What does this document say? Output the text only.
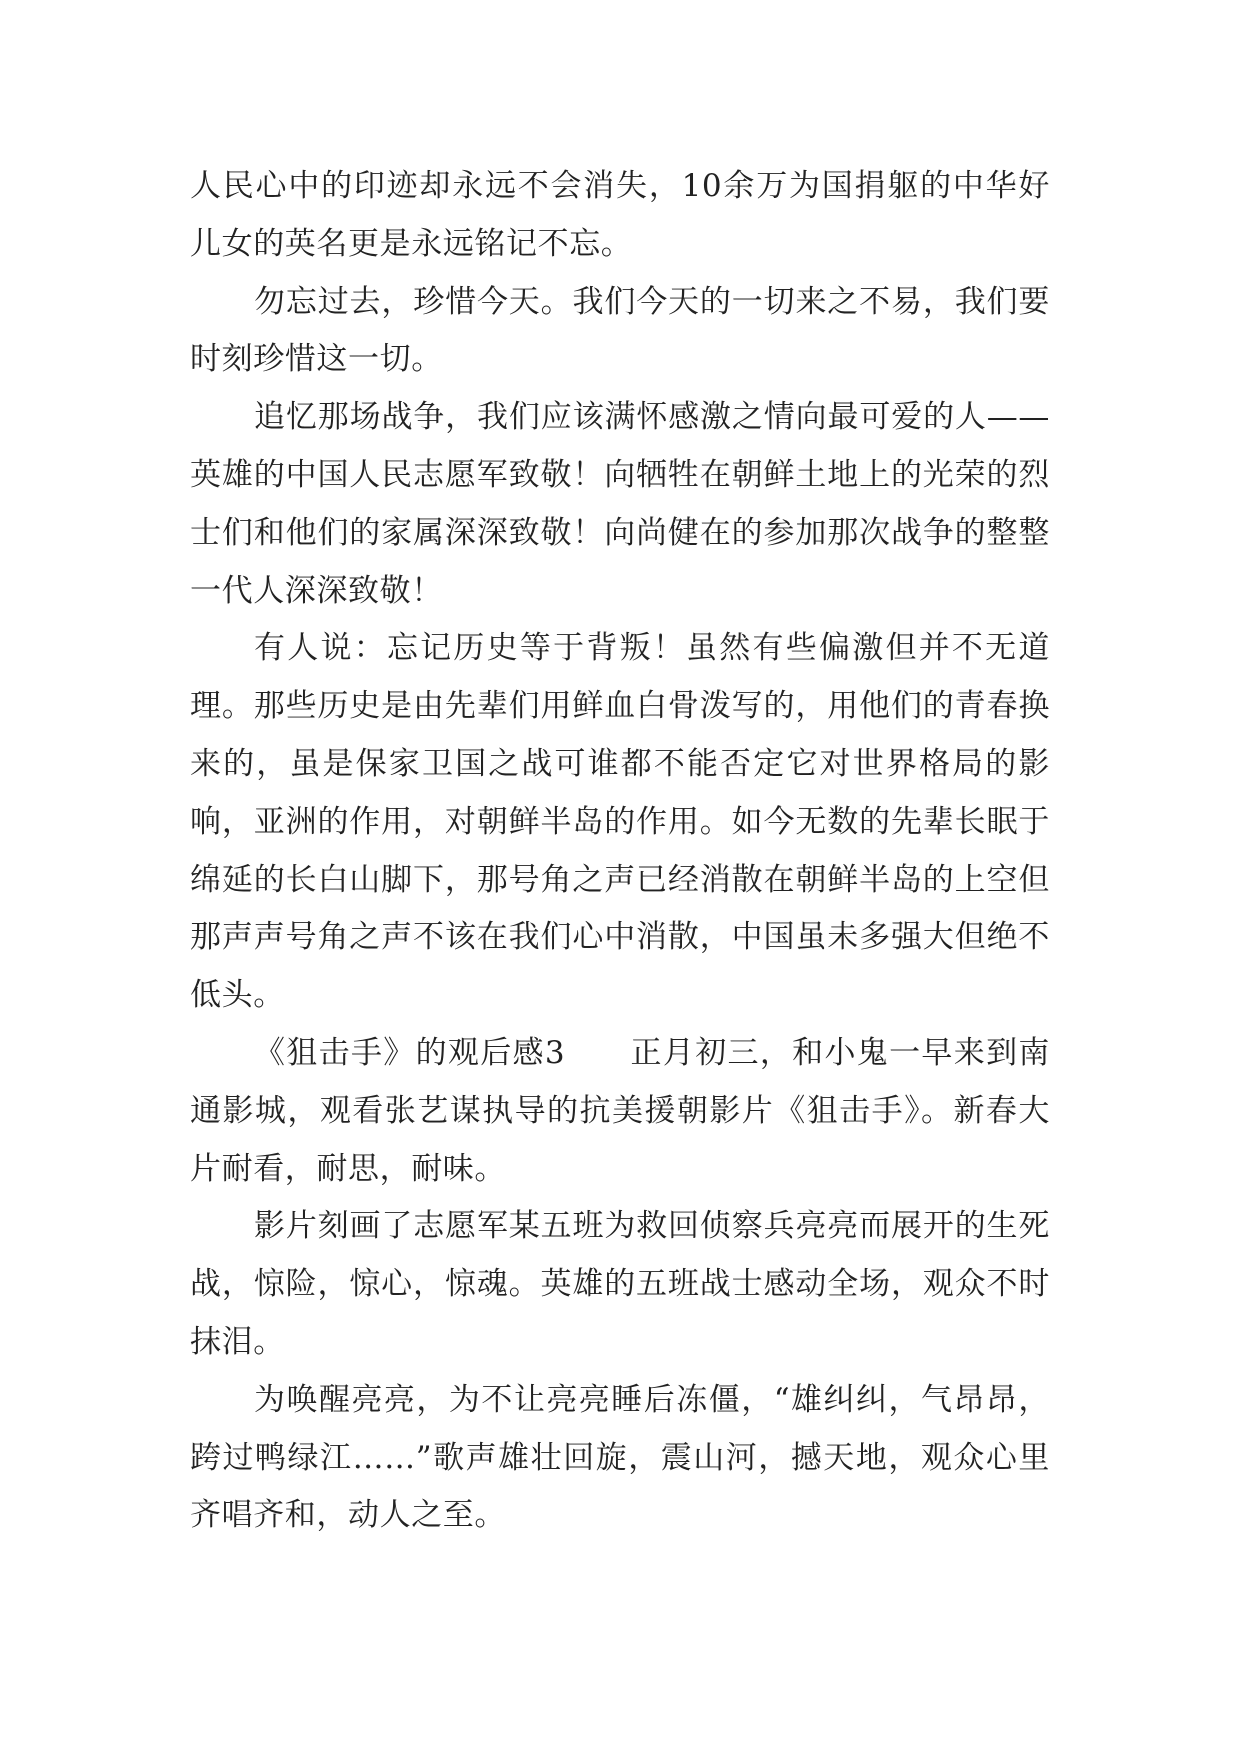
人民心中的印迹却永远不会消失，10余万为国捐躯的中华好儿女的英名更是永远铭记不忘。

勿忘过去，珍惜今天。我们今天的一切来之不易，我们要时刻珍惜这一切。

追忆那场战争，我们应该满怀感激之情向最可爱的人——英雄的中国人民志愿军致敬！向牺牲在朝鲜土地上的光荣的烈士们和他们的家属深深致敬！向尚健在的参加那次战争的整整一代人深深致敬！

有人说：忘记历史等于背叛！虽然有些偏激但并不无道理。那些历史是由先辈们用鲜血白骨泼写的，用他们的青春换来的，虽是保家卫国之战可谁都不能否定它对世界格局的影响，亚洲的作用，对朝鲜半岛的作用。如今无数的先辈长眠于绵延的长白山脚下，那号角之声已经消散在朝鲜半岛的上空但那声声号角之声不该在我们心中消散，中国虽未多强大但绝不低头。

《狙击手》的观后感3　　正月初三，和小鬼一早来到南通影城，观看张艺谋执导的抗美援朝影片《狙击手》。新春大片耐看，耐思，耐味。

影片刻画了志愿军某五班为救回侦察兵亮亮而展开的生死战，惊险，惊心，惊魂。英雄的五班战士感动全场，观众不时抹泪。

为唤醒亮亮，为不让亮亮睡后冻僵，“雄纠纠，气昂昂，跨过鸭绿江……”歌声雄壮回旋，震山河，撼天地，观众心里齐唱齐和，动人之至。
